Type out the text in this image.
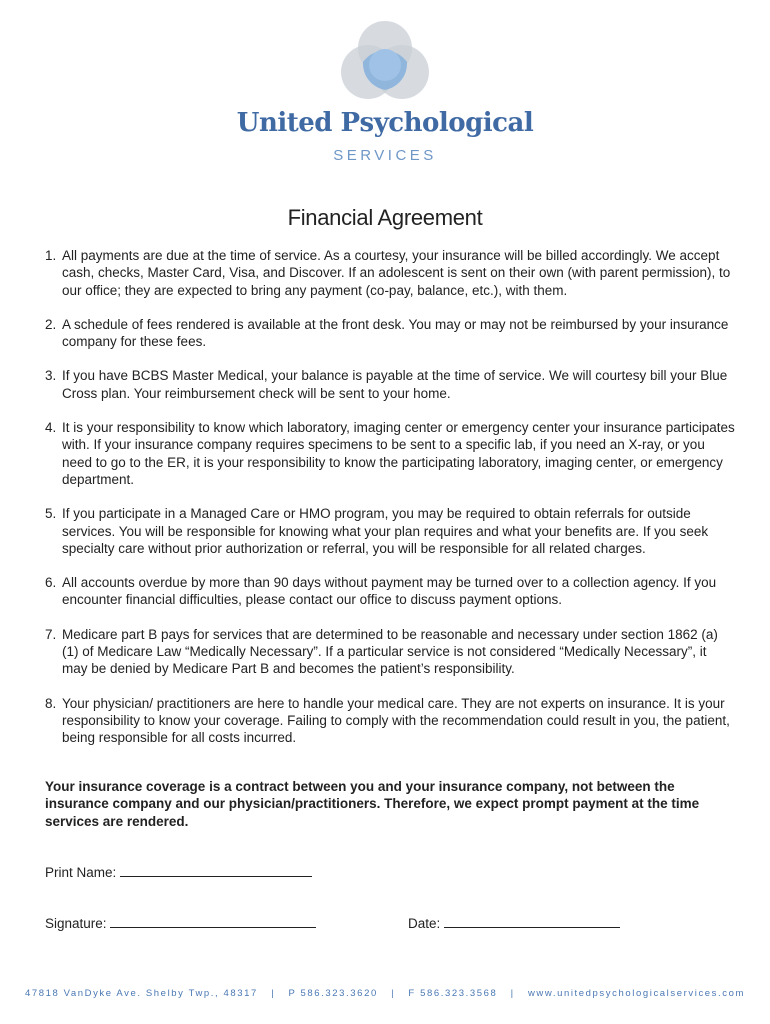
United Psychological
SERVICES
Financial Agreement
1. All payments are due at the time of service. As a courtesy, your insurance will be billed accordingly. We accept cash, checks, Master Card, Visa, and Discover. If an adolescent is sent on their own (with parent permission), to our office; they are expected to bring any payment (co-pay, balance, etc.), with them.
2. A schedule of fees rendered is available at the front desk. You may or may not be reimbursed by your insurance company for these fees.
3. If you have BCBS Master Medical, your balance is payable at the time of service. We will courtesy bill your Blue Cross plan. Your reimbursement check will be sent to your home.
4. It is your responsibility to know which laboratory, imaging center or emergency center your insurance participates with. If your insurance company requires specimens to be sent to a specific lab, if you need an X-ray, or you need to go to the ER, it is your responsibility to know the participating laboratory, imaging center, or emergency department.
5. If you participate in a Managed Care or HMO program, you may be required to obtain referrals for outside services. You will be responsible for knowing what your plan requires and what your benefits are. If you seek specialty care without prior authorization or referral, you will be responsible for all related charges.
6. All accounts overdue by more than 90 days without payment may be turned over to a collection agency. If you encounter financial difficulties, please contact our office to discuss payment options.
7. Medicare part B pays for services that are determined to be reasonable and necessary under section 1862 (a) (1) of Medicare Law “Medically Necessary”. If a particular service is not considered “Medically Necessary”, it may be denied by Medicare Part B and becomes the patient’s responsibility.
8. Your physician/ practitioners are here to handle your medical care. They are not experts on insurance. It is your responsibility to know your coverage. Failing to comply with the recommendation could result in you, the patient, being responsible for all costs incurred.
Your insurance coverage is a contract between you and your insurance company, not between the insurance company and our physician/practitioners. Therefore, we expect prompt payment at the time services are rendered.
Print Name:
Signature:	Date:
47818 VanDyke Ave. Shelby Twp., 48317 | P 586.323.3620 | F 586.323.3568 | www.unitedpsychologicalservices.com
